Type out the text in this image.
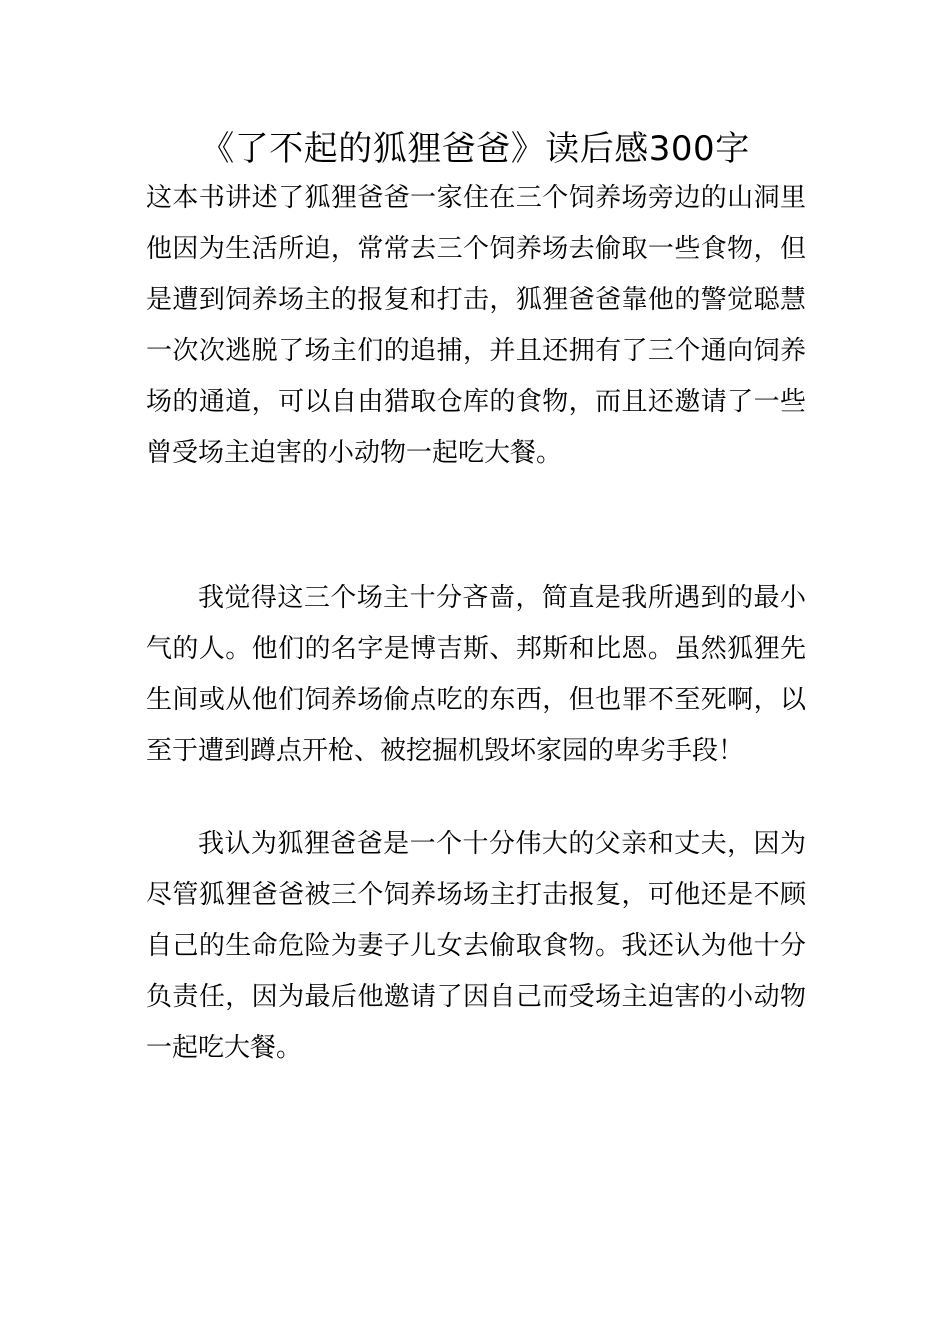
《了不起的狐狸爸爸》读后感300字

这本书讲述了狐狸爸爸一家住在三个饲养场旁边的山洞里他因为生活所迫，常常去三个饲养场去偷取一些食物，但是遭到饲养场主的报复和打击，狐狸爸爸靠他的警觉聪慧一次次逃脱了场主们的追捕，并且还拥有了三个通向饲养场的通道，可以自由猎取仓库的食物，而且还邀请了一些曾受场主迫害的小动物一起吃大餐。

我觉得这三个场主十分吝啬，简直是我所遇到的最小气的人。他们的名字是博吉斯、邦斯和比恩。虽然狐狸先生间或从他们饲养场偷点吃的东西，但也罪不至死啊，以至于遭到蹲点开枪、被挖掘机毁坏家园的卑劣手段！

我认为狐狸爸爸是一个十分伟大的父亲和丈夫，因为尽管狐狸爸爸被三个饲养场场主打击报复，可他还是不顾自己的生命危险为妻子儿女去偷取食物。我还认为他十分负责任，因为最后他邀请了因自己而受场主迫害的小动物一起吃大餐。
